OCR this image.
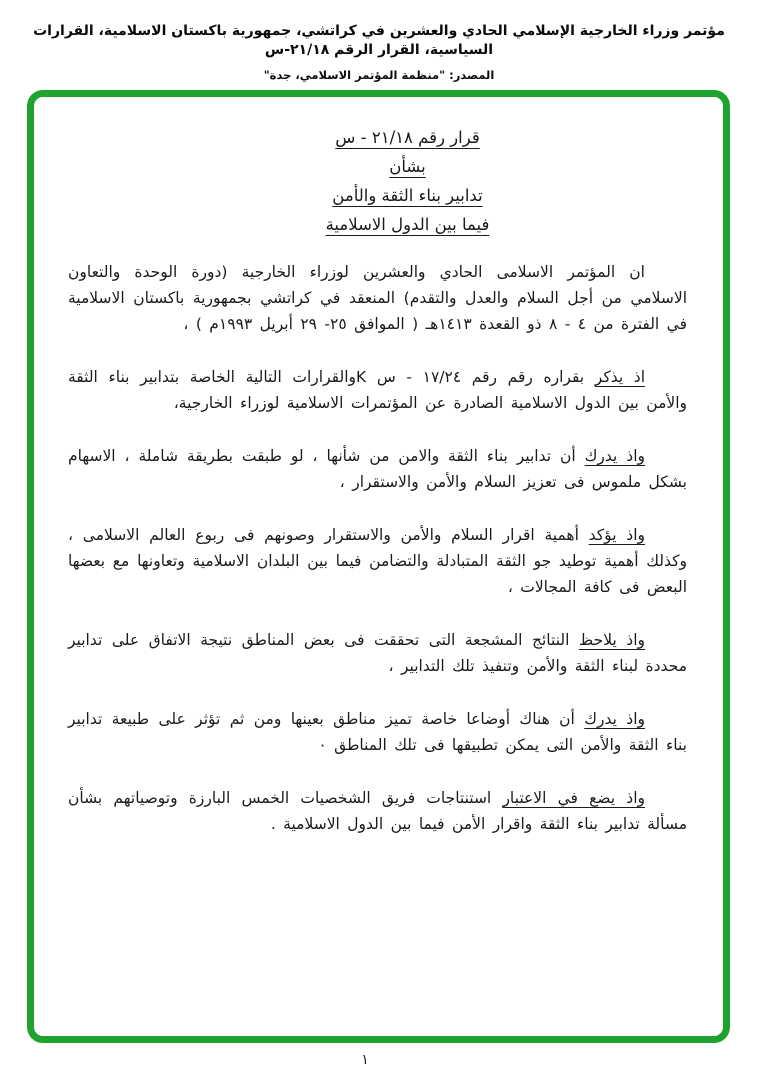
مؤتمر وزراء الخارجية الإسلامي الحادي والعشرين في كراتشي، جمهورية باكستان الاسلامية، القرارات السياسية، القرار الرقم ٢١/١٨-س
المصدر: "منظمة المؤتمر الاسلامي، جدة"
قرار رقم ٢١/١٨ - س
بشأن
تدابير بناء الثقة والأمن
فيما بين الدول الاسلامية

ان المؤتمر الاسلامى الحادي والعشرين لوزراء الخارجية (دورة الوحدة والتعاون الاسلامي من أجل السلام والعدل والتقدم) المنعقد في كراتشي بجمهورية باكستان الاسلامية في الفترة من ٤ - ٨ ذو القعدة ١٤١٣هـ ( الموافق ٢٥- ٢٩ أبريل ١٩٩٣م ) ،

اذ يذكر بقراره رقم رقم ١٧/٢٤ - س Kوالقرارات التالية الخاصة بتدابير بناء الثقة والأمن بين الدول الاسلامية الصادرة عن المؤتمرات الاسلامية لوزراء الخارجية،

واذ يدرك أن تدابير بناء الثقة والامن من شأنها ، لو طبقت بطريقة شاملة ، الاسهام بشكل ملموس فى تعزيز السلام والأمن والاستقرار ،

واذ يؤكد أهمية اقرار السلام والأمن والاستقرار وصونهم فى ربوع العالم الاسلامى ، وكذلك أهمية توطيد جو الثقة المتبادلة والتضامن فيما بين البلدان الاسلامية وتعاونها مع بعضها البعض فى كافة المجالات ،

واذ يلاحظ النتائج المشجعة التى تحققت فى بعض المناطق نتيجة الاتفاق على تدابير محددة لبناء الثقة والأمن وتنفيذ تلك التدابير ،

واذ يدرك أن هناك أوضاعا خاصة تميز مناطق بعينها ومن ثم تؤثر على طبيعة تدابير بناء الثقة والأمن التى يمكن تطبيقها فى تلك المناطق ٠

واذ يضع في الاعتبار استنتاجات فريق الشخصيات الخمس البارزة وتوصياتهم بشأن مسألة تدابير بناء الثقة واقرار الأمن فيما بين الدول الاسلامية .

١
